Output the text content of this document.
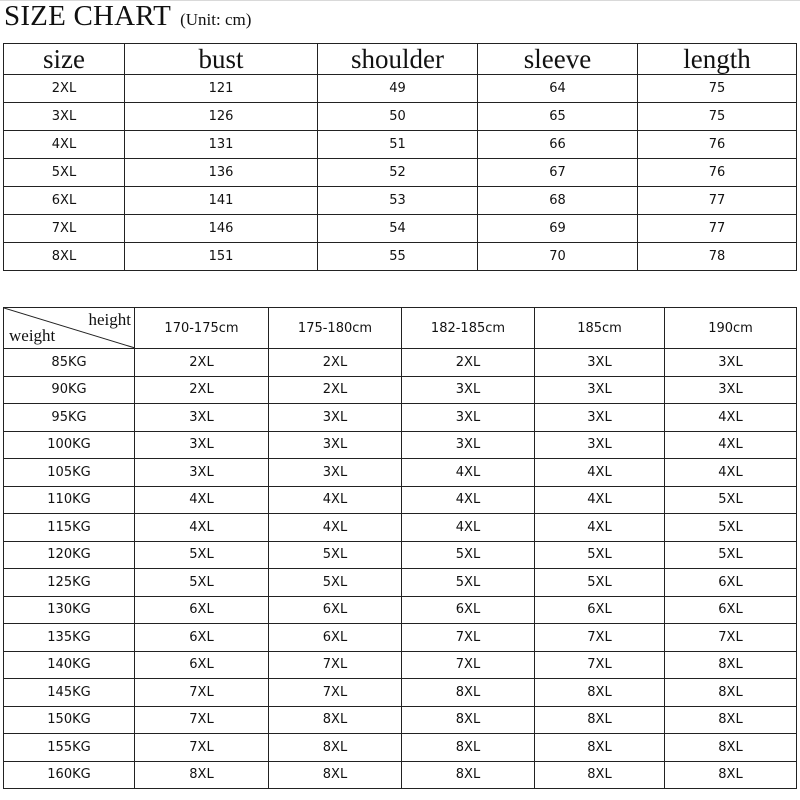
SIZE CHART (Unit: cm)
size	bust	shoulder	sleeve	length
2XL	121	49	64	75
3XL	126	50	65	75
4XL	131	51	66	76
5XL	136	52	67	76
6XL	141	53	68	77
7XL	146	54	69	77
8XL	151	55	70	78
height
weight	170-175cm	175-180cm	182-185cm	185cm	190cm
85KG	2XL	2XL	2XL	3XL	3XL
90KG	2XL	2XL	3XL	3XL	3XL
95KG	3XL	3XL	3XL	3XL	4XL
100KG	3XL	3XL	3XL	3XL	4XL
105KG	3XL	3XL	4XL	4XL	4XL
110KG	4XL	4XL	4XL	4XL	5XL
115KG	4XL	4XL	4XL	4XL	5XL
120KG	5XL	5XL	5XL	5XL	5XL
125KG	5XL	5XL	5XL	5XL	6XL
130KG	6XL	6XL	6XL	6XL	6XL
135KG	6XL	6XL	7XL	7XL	7XL
140KG	6XL	7XL	7XL	7XL	8XL
145KG	7XL	7XL	8XL	8XL	8XL
150KG	7XL	8XL	8XL	8XL	8XL
155KG	7XL	8XL	8XL	8XL	8XL
160KG	8XL	8XL	8XL	8XL	8XL
